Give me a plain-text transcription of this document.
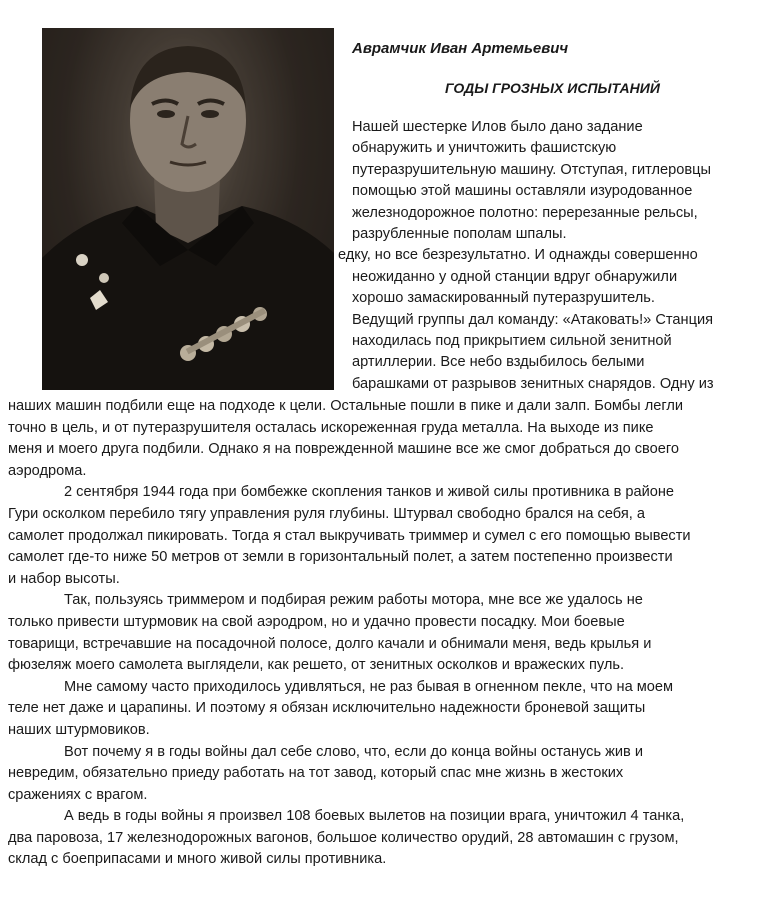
Аврамчик Иван Артемьевич
ГОДЫ ГРОЗНЫХ ИСПЫТАНИЙ
Нашей шестерке Илов было дано задание
обнаружить и уничтожить фашистскую
путеразрушительную машину. Отступая, гитлеровцы
помощью этой машины оставляли изуродованное
железнодорожное полотно: перерезанные рельсы,
разрубленные пополам шпалы.
едку, но все безрезультатно. И однажды совершенно
неожиданно у одной станции вдруг обнаружили
хорошо замаскированный путеразрушитель.
Ведущий группы дал команду: «Атаковать!» Станция
находилась под прикрытием сильной зенитной
артиллерии. Все небо вздыбилось белыми
барашками от разрывов зенитных снарядов. Одну из

наших машин подбили еще на подходе к цели. Остальные пошли в пике и дали залп. Бомбы легли
точно в цель, и от путеразрушителя осталась искореженная груда металла. На выходе из пике
меня и моего друга подбили. Однако я на поврежденной машине все же смог добраться до своего
аэродрома.

2 сентября 1944 года при бомбежке скопления танков и живой силы противника в районе
Гури осколком перебило тягу управления руля глубины. Штурвал свободно брался на себя, а
самолет продолжал пикировать. Тогда я стал выкручивать триммер и сумел с его помощью вывести
самолет где-то ниже 50 метров от земли в горизонтальный полет, а затем постепенно произвести
и набор высоты.

Так, пользуясь триммером и подбирая режим работы мотора, мне все же удалось не
только привести штурмовик на свой аэродром, но и удачно провести посадку. Мои боевые
товарищи, встречавшие на посадочной полосе, долго качали и обнимали меня, ведь крылья и
фюзеляж моего самолета выглядели, как решето, от зенитных осколков и вражеских пуль.

Мне самому часто приходилось удивляться, не раз бывая в огненном пекле, что на моем
теле нет даже и царапины. И поэтому я обязан исключительно надежности броневой защиты
наших штурмовиков.

Вот почему я в годы войны дал себе слово, что, если до конца войны останусь жив и
невредим, обязательно приеду работать на тот завод, который спас мне жизнь в жестоких
сражениях с врагом.

А ведь в годы войны я произвел 108 боевых вылетов на позиции врага, уничтожил 4 танка,
два паровоза, 17 железнодорожных вагонов, большое количество орудий, 28 автомашин с грузом,
склад с боеприпасами и много живой силы противника.
